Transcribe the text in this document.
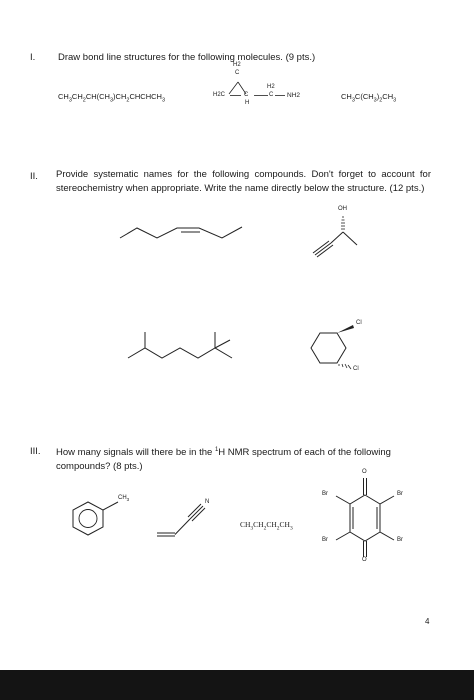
I. Draw bond line structures for the following molecules. (9 pts.)
$CH_3CH_2CH(CH_3)CH_2CHCHCH_3$
H2
C
H2C	C
H
H2
C NH2	$CH_3C(CH_3)_2CH_3$
II. Provide systematic names for the following compounds. Don't forget to account for stereochemistry when appropriate. Write the name directly below the structure. (12 pts.)
OH
Cl
Cl
III. How many signals will there be in the $^1$H NMR spectrum of each of the following compounds? (8 pts.)
$CH_3$	N
$CH_3CH_2CH_2CH_3$
Br	Br
Br	Br
O
O
4
